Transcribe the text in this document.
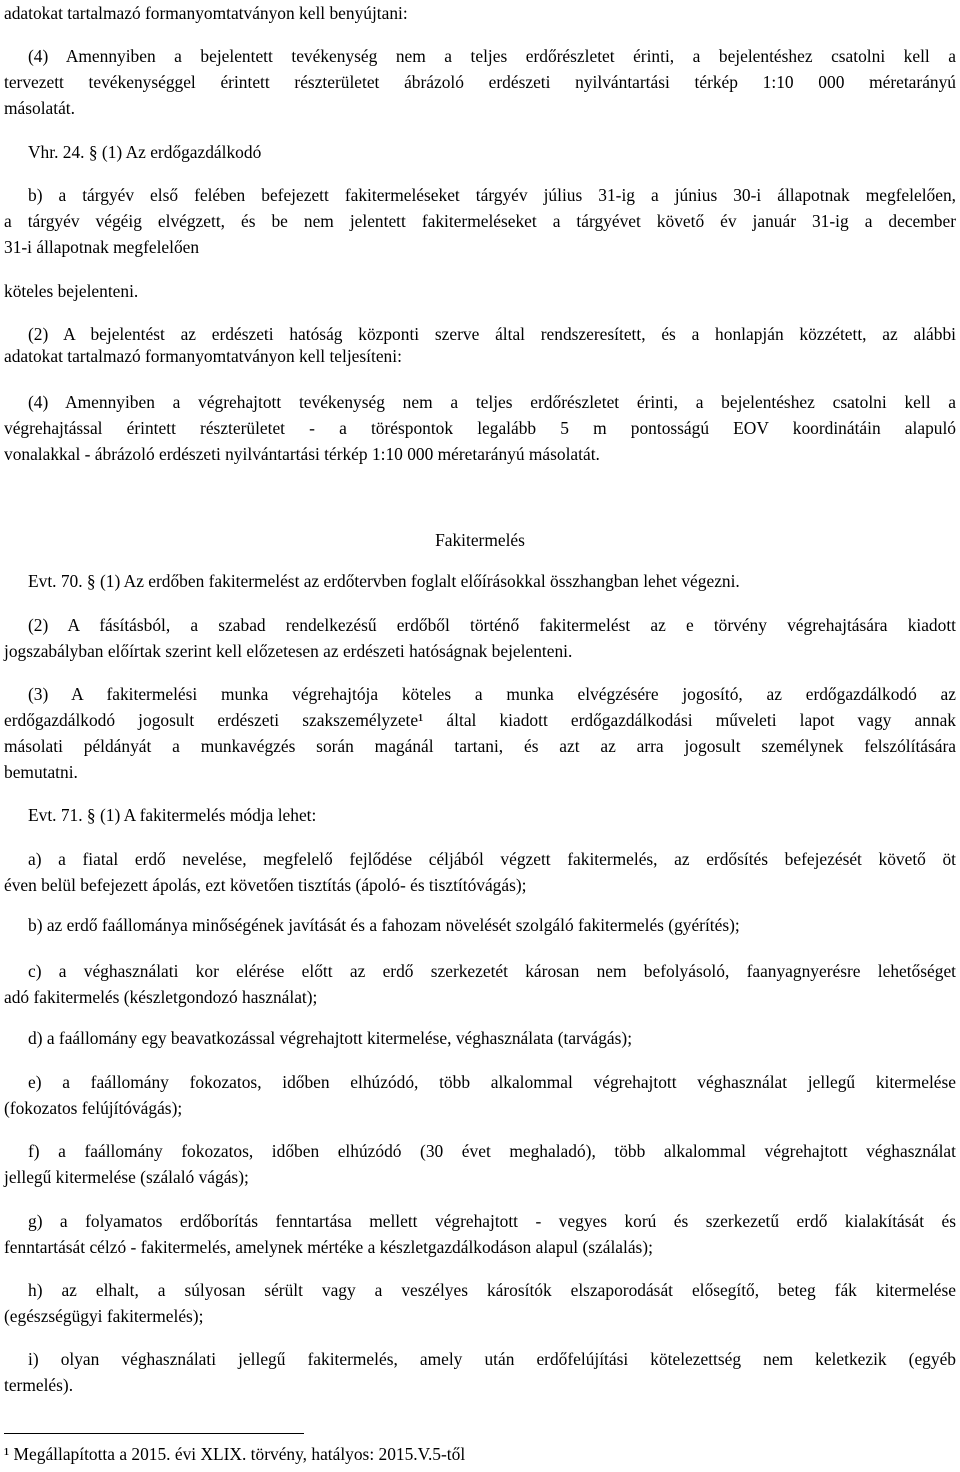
adatokat tartalmazó formanyomtatványon kell benyújtani:
(4) Amennyiben a bejelentett tevékenység nem a teljes erdőrészletet érinti, a bejelentéshez csatolni kell a
tervezett tevékenységgel érintett részterületet ábrázoló erdészeti nyilvántartási térkép 1:10 000 méretarányú
másolatát.
Vhr. 24. § (1) Az erdőgazdálkodó
b) a tárgyév első felében befejezett fakitermeléseket tárgyév július 31-ig a június 30-i állapotnak megfelelően,
a tárgyév végéig elvégzett, és be nem jelentett fakitermeléseket a tárgyévet követő év január 31-ig a december
31-i állapotnak megfelelően
köteles bejelenteni.
(2) A bejelentést az erdészeti hatóság központi szerve által rendszeresített, és a honlapján közzétett, az alábbi
adatokat tartalmazó formanyomtatványon kell teljesíteni:
(4) Amennyiben a végrehajtott tevékenység nem a teljes erdőrészletet érinti, a bejelentéshez csatolni kell a
végrehajtással érintett részterületet - a töréspontok legalább 5 m pontosságú EOV koordinátáin alapuló
vonalakkal - ábrázoló erdészeti nyilvántartási térkép 1:10 000 méretarányú másolatát.
Fakitermelés
Evt. 70. § (1) Az erdőben fakitermelést az erdőtervben foglalt előírásokkal összhangban lehet végezni.
(2) A fásításból, a szabad rendelkezésű erdőből történő fakitermelést az e törvény végrehajtására kiadott
jogszabályban előírtak szerint kell előzetesen az erdészeti hatóságnak bejelenteni.
(3) A fakitermelési munka végrehajtója köteles a munka elvégzésére jogosító, az erdőgazdálkodó az
erdőgazdálkodó jogosult erdészeti szakszemélyzete¹ által kiadott erdőgazdálkodási műveleti lapot vagy annak
másolati példányát a munkavégzés során magánál tartani, és azt az arra jogosult személynek felszólítására
bemutatni.
Evt. 71. § (1) A fakitermelés módja lehet:
a) a fiatal erdő nevelése, megfelelő fejlődése céljából végzett fakitermelés, az erdősítés befejezését követő öt
éven belül befejezett ápolás, ezt követően tisztítás (ápoló- és tisztítóvágás);
b) az erdő faállománya minőségének javítását és a fahozam növelését szolgáló fakitermelés (gyérítés);
c) a véghasználati kor elérése előtt az erdő szerkezetét károsan nem befolyásoló, faanyagnyerésre lehetőséget
adó fakitermelés (készletgondozó használat);
d) a faállomány egy beavatkozással végrehajtott kitermelése, véghasználata (tarvágás);
e) a faállomány fokozatos, időben elhúzódó, több alkalommal végrehajtott véghasználat jellegű kitermelése
(fokozatos felújítóvágás);
f) a faállomány fokozatos, időben elhúzódó (30 évet meghaladó), több alkalommal végrehajtott véghasználat
jellegű kitermelése (szálaló vágás);
g) a folyamatos erdőborítás fenntartása mellett végrehajtott - vegyes korú és szerkezetű erdő kialakítását és
fenntartását célzó - fakitermelés, amelynek mértéke a készletgazdálkodáson alapul (szálalás);
h) az elhalt, a súlyosan sérült vagy a veszélyes károsítók elszaporodását elősegítő, beteg fák kitermelése
(egészségügyi fakitermelés);
i) olyan véghasználati jellegű fakitermelés, amely után erdőfelújítási kötelezettség nem keletkezik (egyéb
termelés).
¹ Megállapította a 2015. évi XLIX. törvény, hatályos: 2015.V.5-től
